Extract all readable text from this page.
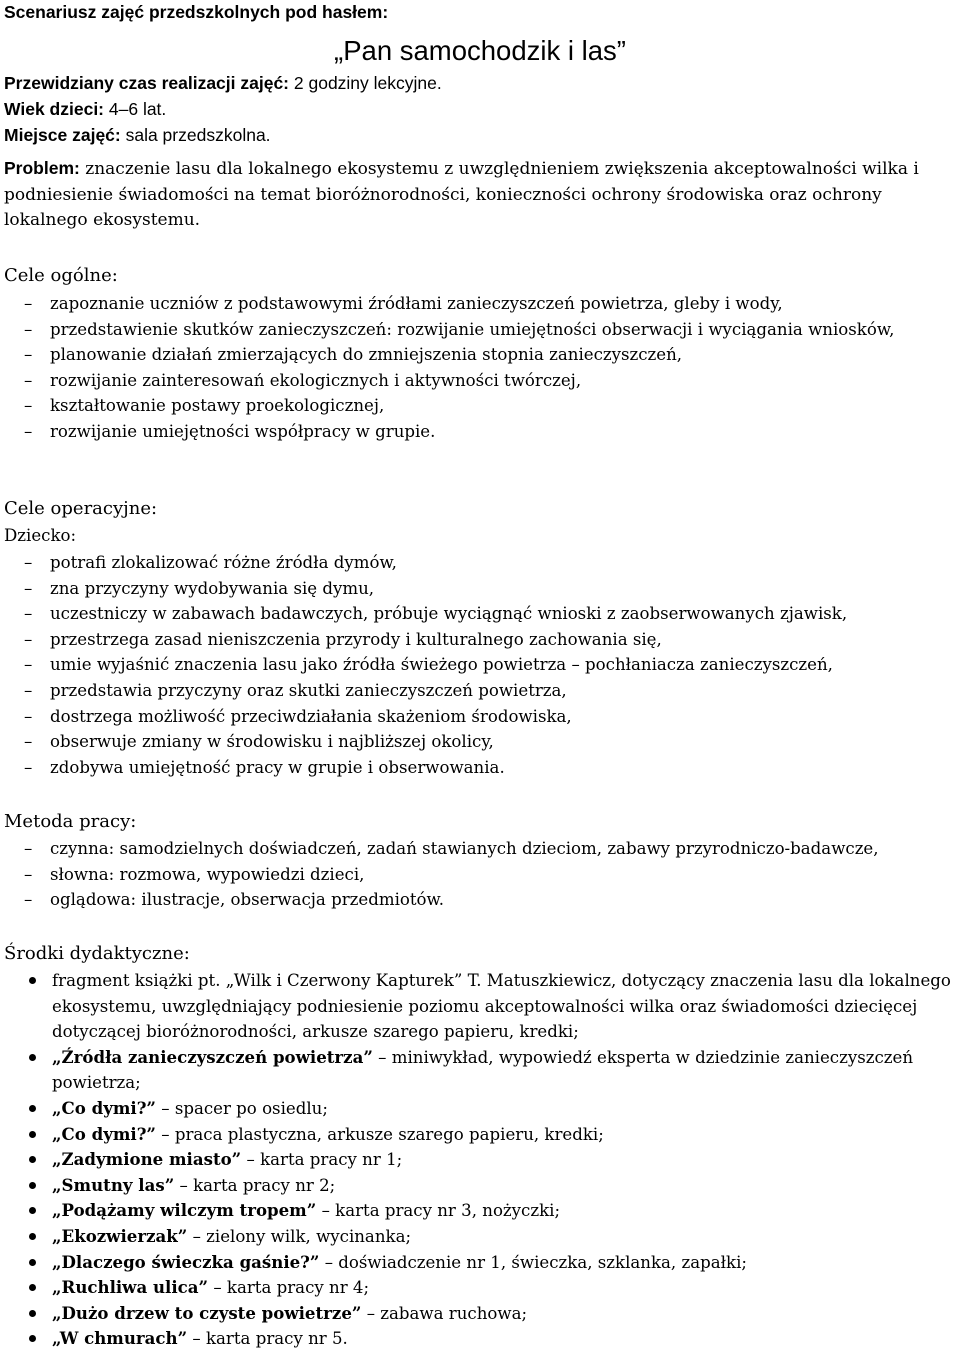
Scenariusz zajęć przedszkolnych pod hasłem:
„Pan samochodzik i las”
Przewidziany czas realizacji zajęć: 2 godziny lekcyjne.
Wiek dzieci: 4–6 lat.
Miejsce zajęć: sala przedszkolna.
Problem: znaczenie lasu dla lokalnego ekosystemu z uwzględnieniem zwiększenia akceptowalności wilka i podniesienie świadomości na temat bioróżnorodności, konieczności ochrony środowiska oraz ochrony lokalnego ekosystemu.
Cele ogólne:
– zapoznanie uczniów z podstawowymi źródłami zanieczyszczeń powietrza, gleby i wody,
– przedstawienie skutków zanieczyszczeń: rozwijanie umiejętności obserwacji i wyciągania wniosków,
– planowanie działań zmierzających do zmniejszenia stopnia zanieczyszczeń,
– rozwijanie zainteresowań ekologicznych i aktywności twórczej,
– kształtowanie postawy proekologicznej,
– rozwijanie umiejętności współpracy w grupie.
Cele operacyjne:
Dziecko:
– potrafi zlokalizować różne źródła dymów,
– zna przyczyny wydobywania się dymu,
– uczestniczy w zabawach badawczych, próbuje wyciągnąć wnioski z zaobserwowanych zjawisk,
– przestrzega zasad nieniszczenia przyrody i kulturalnego zachowania się,
– umie wyjaśnić znaczenia lasu jako źródła świeżego powietrza – pochłaniacza zanieczyszczeń,
– przedstawia przyczyny oraz skutki zanieczyszczeń powietrza,
– dostrzega możliwość przeciwdziałania skażeniom środowiska,
– obserwuje zmiany w środowisku i najbliższej okolicy,
– zdobywa umiejętność pracy w grupie i obserwowania.
Metoda pracy:
– czynna: samodzielnych doświadczeń, zadań stawianych dzieciom, zabawy przyrodniczo-badawcze,
– słowna: rozmowa, wypowiedzi dzieci,
– oglądowa: ilustracje, obserwacja przedmiotów.
Środki dydaktyczne:
fragment książki pt. „Wilk i Czerwony Kapturek” T. Matuszkiewicz, dotyczący znaczenia lasu dla lokalnego ekosystemu, uwzględniający podniesienie poziomu akceptowalności wilka oraz świadomości dziecięcej dotyczącej bioróżnorodności, arkusze szarego papieru, kredki;
„Źródła zanieczyszczeń powietrza” – miniwykład, wypowiedź eksperta w dziedzinie zanieczyszczeń powietrza;
„Co dymi?” – spacer po osiedlu;
„Co dymi?” – praca plastyczna, arkusze szarego papieru, kredki;
„Zadymione miasto” – karta pracy nr 1;
„Smutny las” – karta pracy nr 2;
„Podążamy wilczym tropem” – karta pracy nr 3, nożyczki;
„Ekozwierzak” – zielony wilk, wycinanka;
„Dlaczego świeczka gaśnie?” – doświadczenie nr 1, świeczka, szklanka, zapałki;
„Ruchliwa ulica” – karta pracy nr 4;
„Dużo drzew to czyste powietrze” – zabawa ruchowa;
„W chmurach” – karta pracy nr 5.
